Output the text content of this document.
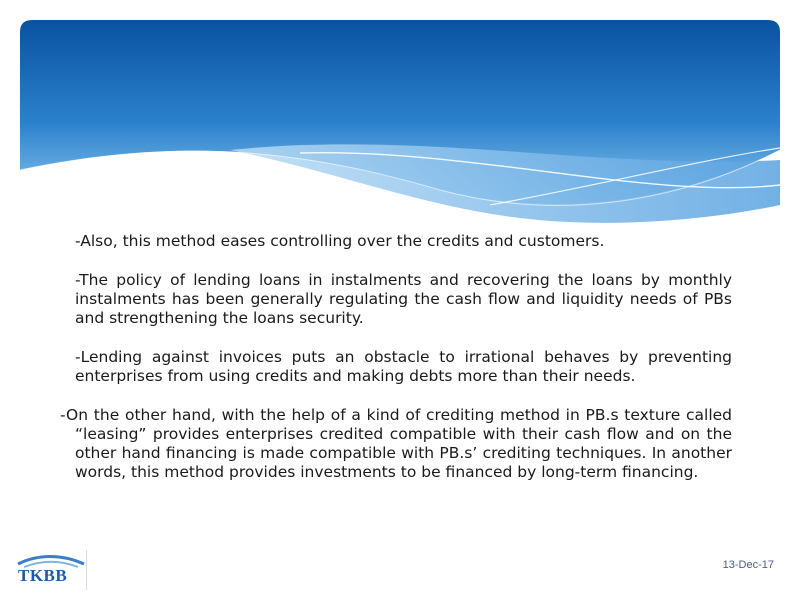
-Also, this method eases controlling over the credits and customers.

-The policy of lending loans in instalments and recovering the loans by monthly instalments has been generally regulating the cash flow and liquidity needs of PBs and strengthening the loans security.

-Lending against invoices puts an obstacle to irrational behaves by preventing enterprises from using credits and making debts more than their needs.

-On the other hand, with the help of a kind of crediting method in PB.s texture called “leasing” provides enterprises credited compatible with their cash flow and on the other hand financing is made compatible with PB.s’ crediting techniques. In another words, this method provides investments to be financed by long-term financing.

TKBB
13-Dec-17
